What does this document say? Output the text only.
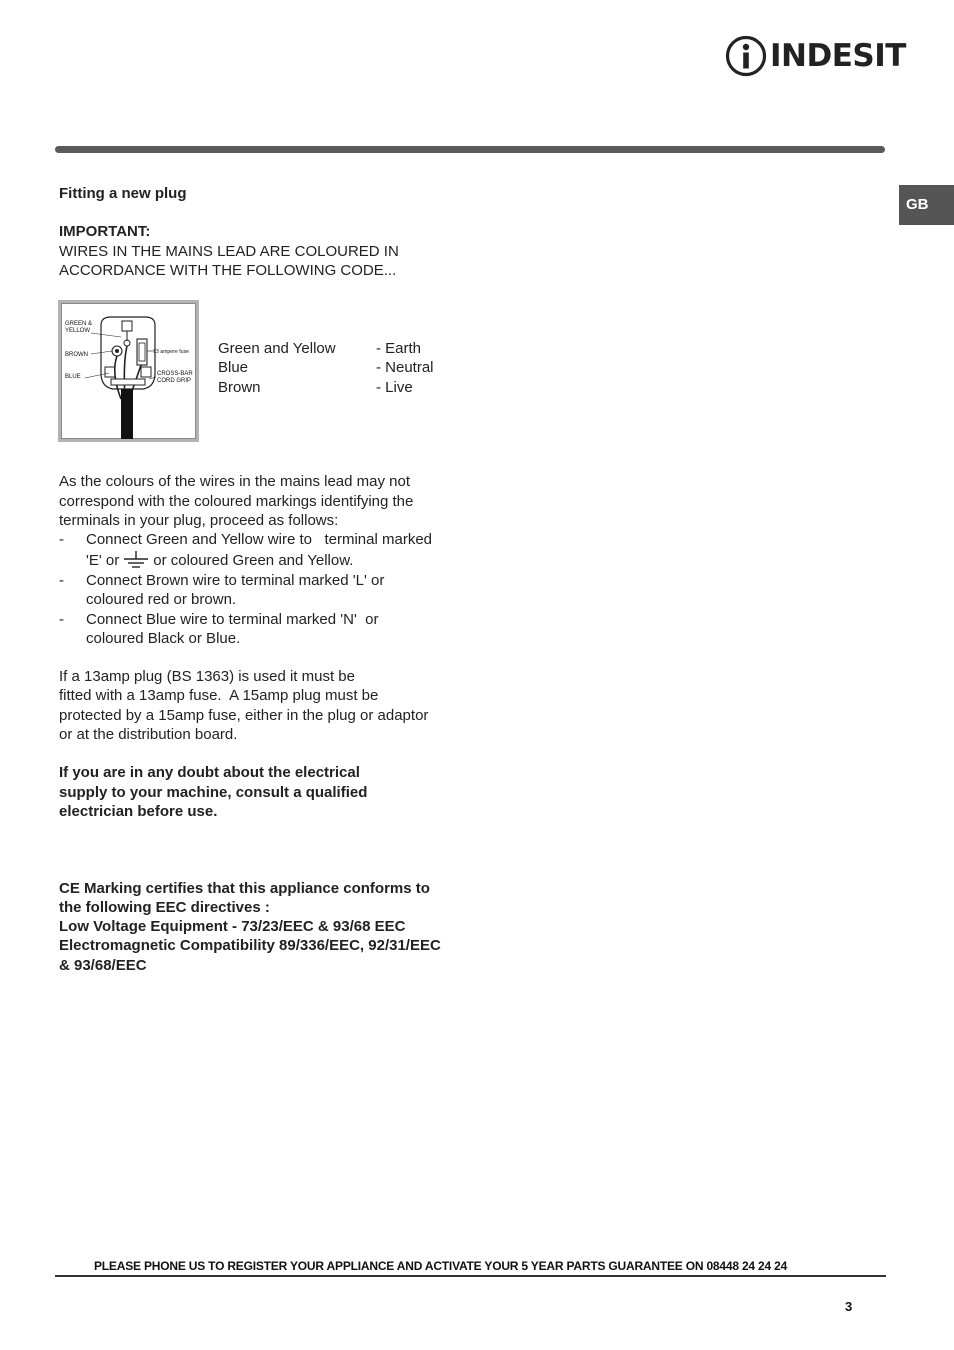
INDESIT
GB

Fitting a new plug

IMPORTANT:

WIRES IN THE MAINS LEAD ARE COLOURED IN

ACCORDANCE WITH THE FOLLOWING CODE...

GREEN &
YELLOW
BROWN
BLUE
13 ampere fuse
CROSS-BAR
CORD GRIP
Green and Yellow	- Earth
Blue	- Neutral
Brown	- Live

As the colours of the wires in the mains lead may not

correspond with the coloured markings identifying the

terminals in your plug, proceed as follows:

- Connect Green and Yellow wire to   terminal marked
'E' or or coloured Green and Yellow.
- Connect Brown wire to terminal marked 'L' or
coloured red or brown.
- Connect Blue wire to terminal marked 'N'  or
coloured Black or Blue.

If a 13amp plug (BS 1363) is used it must be

fitted with a 13amp fuse.  A 15amp plug must be

protected by a 15amp fuse, either in the plug or adaptor

or at the distribution board.

If you are in any doubt about the electrical

supply to your machine, consult a qualified

electrician before use.

CE Marking certifies that this appliance conforms to

the following EEC directives :

Low Voltage Equipment - 73/23/EEC & 93/68 EEC

Electromagnetic Compatibility 89/336/EEC, 92/31/EEC

& 93/68/EEC

PLEASE PHONE US TO REGISTER YOUR APPLIANCE AND ACTIVATE YOUR 5 YEAR PARTS GUARANTEE ON 08448 24 24 24
3
